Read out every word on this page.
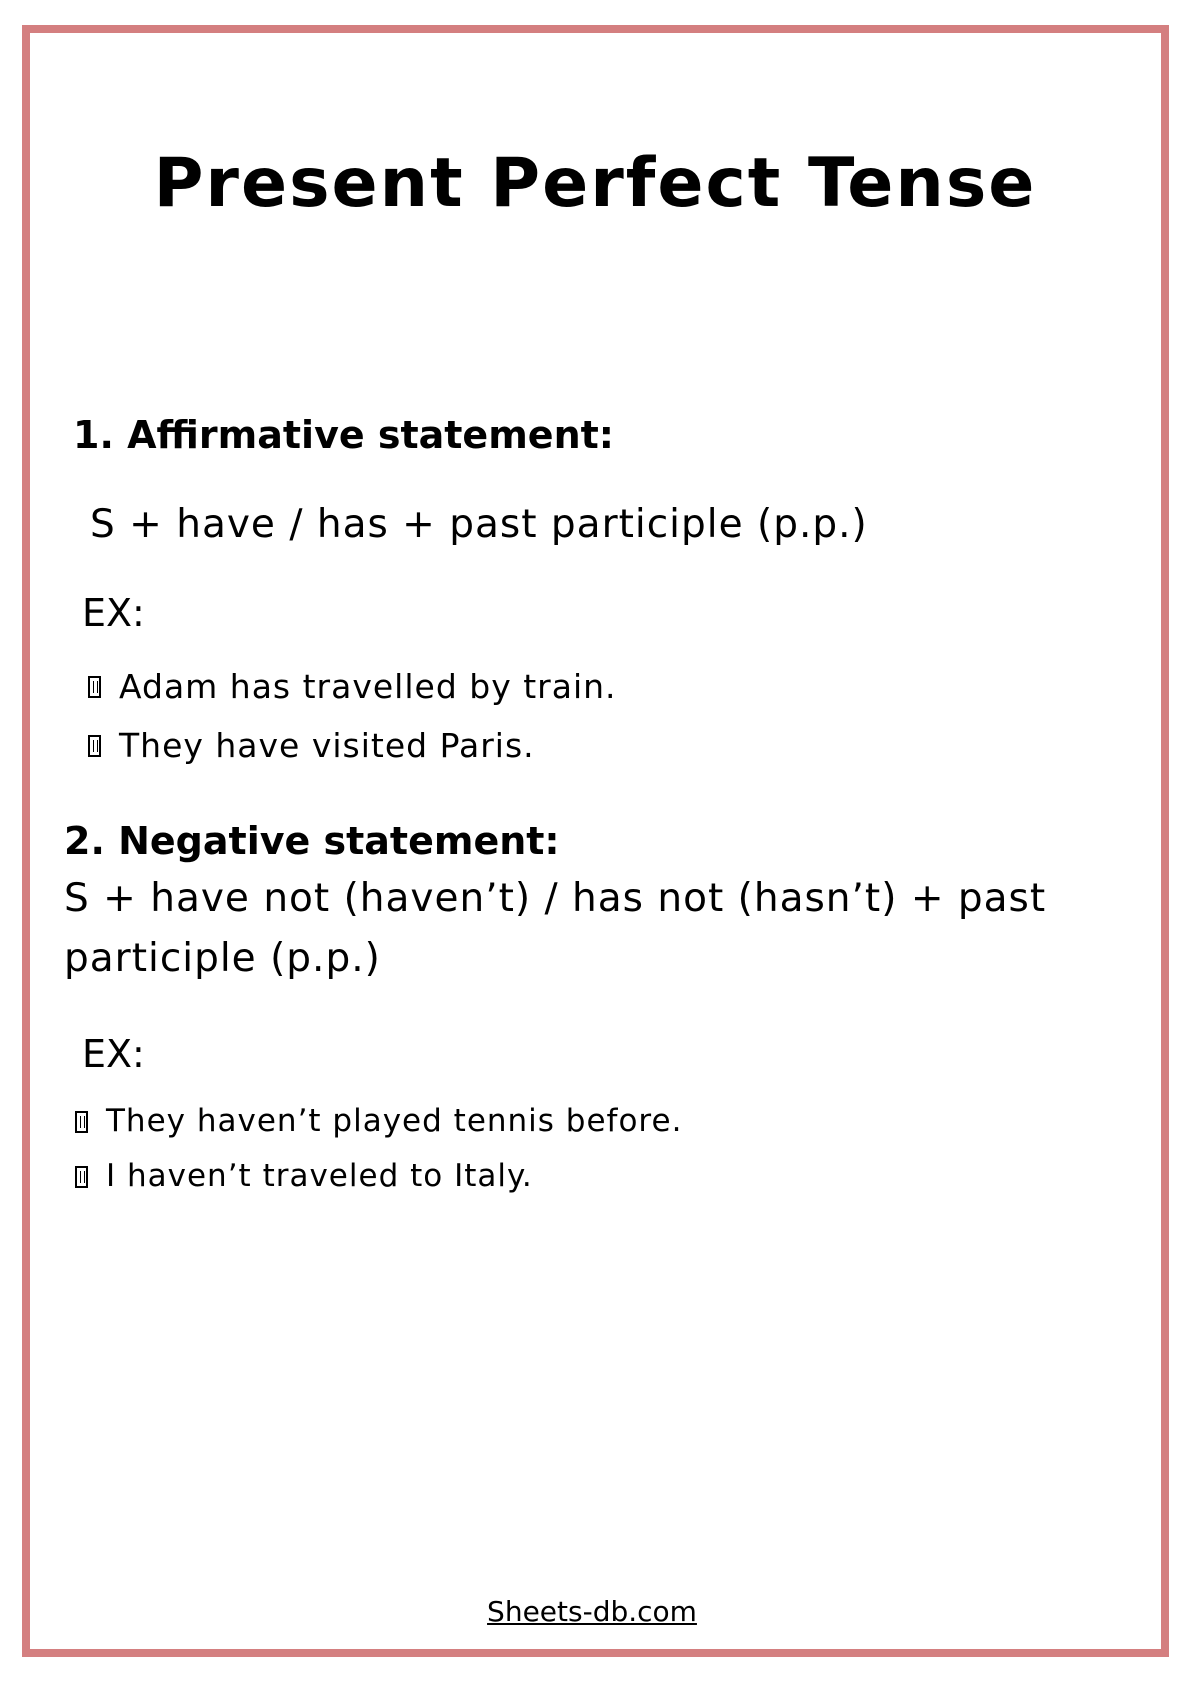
Present Perfect Tense
1. Affirmative statement:
S + have / has + past participle (p.p.)
EX:
Adam has travelled by train.
They have visited Paris.
2. Negative statement:
S + have not (haven’t) / has not (hasn’t) + past participle (p.p.)
EX:
They haven’t played tennis before.
I haven’t traveled to Italy.
Sheets-db.com
